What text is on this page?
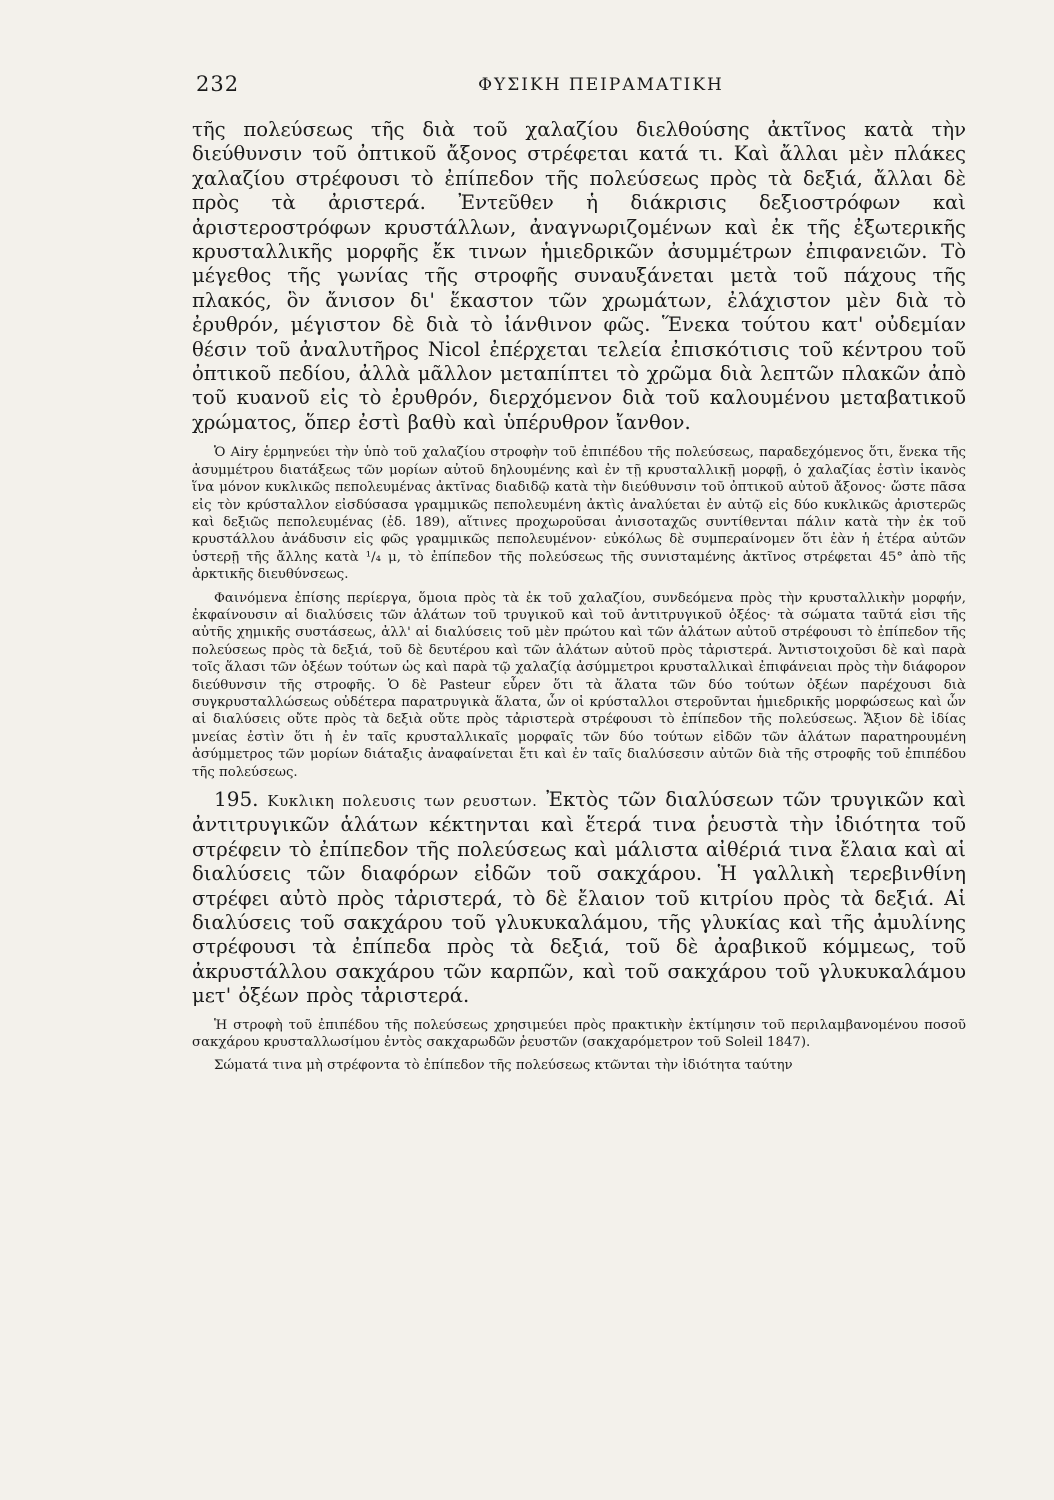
232	ΦΥΣΙΚΗ ΠΕΙΡΑΜΑΤΙΚΗ

τῆς πολεύσεως τῆς διὰ τοῦ χαλαζίου διελθούσης ἀκτῖνος κατὰ τὴν διεύθυνσιν τοῦ ὀπτικοῦ ἄξονος στρέφεται κατά τι. Καὶ ἄλλαι μὲν πλάκες χαλαζίου στρέφουσι τὸ ἐπίπεδον τῆς πολεύσεως πρὸς τὰ δεξιά, ἄλλαι δὲ πρὸς τὰ ἀριστερά. Ἐντεῦθεν ἡ διάκρισις δεξιοστρόφων καὶ ἀριστεροστρόφων κρυστάλλων, ἀναγνωριζομένων καὶ ἐκ τῆς ἐξωτερικῆς κρυσταλλικῆς μορφῆς ἔκ τινων ἡμιεδρικῶν ἀσυμμέτρων ἐπιφανειῶν. Τὸ μέγεθος τῆς γωνίας τῆς στροφῆς συναυξάνεται μετὰ τοῦ πάχους τῆς πλακός, ὃν ἄνισον δι' ἕκαστον τῶν χρωμάτων, ἐλάχιστον μὲν διὰ τὸ ἐρυθρόν, μέγιστον δὲ διὰ τὸ ἰάνθινον φῶς. Ἕνεκα τούτου κατ' οὐδεμίαν θέσιν τοῦ ἀναλυτῆρος Nicol ἐπέρχεται τελεία ἐπισκότισις τοῦ κέντρου τοῦ ὀπτικοῦ πεδίου, ἀλλὰ μᾶλλον μεταπίπτει τὸ χρῶμα διὰ λεπτῶν πλακῶν ἀπὸ τοῦ κυανοῦ εἰς τὸ ἐρυθρόν, διερχόμενον διὰ τοῦ καλουμένου μεταβατικοῦ χρώματος, ὅπερ ἐστὶ βαθὺ καὶ ὑπέρυθρον ἴανθον.

Ὁ Airy ἑρμηνεύει τὴν ὑπὸ τοῦ χαλαζίου στροφὴν τοῦ ἐπιπέδου τῆς πολεύσεως, παραδεχόμενος ὅτι, ἕνεκα τῆς ἀσυμμέτρου διατάξεως τῶν μορίων αὐτοῦ δηλουμένης καὶ ἐν τῇ κρυσταλλικῇ μορφῇ, ὁ χαλαζίας ἐστὶν ἱκανὸς ἵνα μόνον κυκλικῶς πεπολευμένας ἀκτῖνας διαδιδῷ κατὰ τὴν διεύθυνσιν τοῦ ὀπτικοῦ αὐτοῦ ἄξονος· ὥστε πᾶσα εἰς τὸν κρύσταλλον εἰσδύσασα γραμμικῶς πεπολευμένη ἀκτὶς ἀναλύεται ἐν αὐτῷ εἰς δύο κυκλικῶς ἀριστερῶς καὶ δεξιῶς πεπολευμένας (ἐδ. 189), αἵτινες προχωροῦσαι ἀνισοταχῶς συντίθενται πάλιν κατὰ τὴν ἐκ τοῦ κρυστάλλου ἀνάδυσιν εἰς φῶς γραμμικῶς πεπολευμένον· εὐκόλως δὲ συμπεραίνομεν ὅτι ἐὰν ἡ ἑτέρα αὐτῶν ὑστερῇ τῆς ἄλλης κατὰ ¹/₄ μ, τὸ ἐπίπεδον τῆς πολεύσεως τῆς συνισταμένης ἀκτῖνος στρέφεται 45° ἀπὸ τῆς ἀρκτικῆς διευθύνσεως.

Φαινόμενα ἐπίσης περίεργα, ὅμοια πρὸς τὰ ἐκ τοῦ χαλαζίου, συνδεόμενα πρὸς τὴν κρυσταλλικὴν μορφήν, ἐκφαίνουσιν αἱ διαλύσεις τῶν ἁλάτων τοῦ τρυγικοῦ καὶ τοῦ ἀντιτρυγικοῦ ὀξέος· τὰ σώματα ταῦτά εἰσι τῆς αὐτῆς χημικῆς συστάσεως, ἀλλ' αἱ διαλύσεις τοῦ μὲν πρώτου καὶ τῶν ἁλάτων αὐτοῦ στρέφουσι τὸ ἐπίπεδον τῆς πολεύσεως πρὸς τὰ δεξιά, τοῦ δὲ δευτέρου καὶ τῶν ἁλάτων αὐτοῦ πρὸς τἀριστερά. Ἀντιστοιχοῦσι δὲ καὶ παρὰ τοῖς ἅλασι τῶν ὀξέων τούτων ὡς καὶ παρὰ τῷ χαλαζίᾳ ἀσύμμετροι κρυσταλλικαὶ ἐπιφάνειαι πρὸς τὴν διάφορον διεύθυνσιν τῆς στροφῆς. Ὁ δὲ Pasteur εὗρεν ὅτι τὰ ἅλατα τῶν δύο τούτων ὀξέων παρέχουσι διὰ συγκρυσταλλώσεως οὐδέτερα παρατρυγικὰ ἅλατα, ὧν οἱ κρύσταλλοι στεροῦνται ἡμιεδρικῆς μορφώσεως καὶ ὧν αἱ διαλύσεις οὔτε πρὸς τὰ δεξιὰ οὔτε πρὸς τἀριστερὰ στρέφουσι τὸ ἐπίπεδον τῆς πολεύσεως. Ἄξιον δὲ ἰδίας μνείας ἐστὶν ὅτι ἡ ἐν ταῖς κρυσταλλικαῖς μορφαῖς τῶν δύο τούτων εἰδῶν τῶν ἁλάτων παρατηρουμένη ἀσύμμετρος τῶν μορίων διάταξις ἀναφαίνεται ἔτι καὶ ἐν ταῖς διαλύσεσιν αὐτῶν διὰ τῆς στροφῆς τοῦ ἐπιπέδου τῆς πολεύσεως.

195. Κυκλικη πολευσις των ρευστων. Ἐκτὸς τῶν διαλύσεων τῶν τρυγικῶν καὶ ἀντιτρυγικῶν ἁλάτων κέκτηνται καὶ ἕτερά τινα ῥευστὰ τὴν ἰδιότητα τοῦ στρέφειν τὸ ἐπίπεδον τῆς πολεύσεως καὶ μάλιστα αἰθέριά τινα ἔλαια καὶ αἱ διαλύσεις τῶν διαφόρων εἰδῶν τοῦ σακχάρου. Ἡ γαλλικὴ τερεβινθίνη στρέφει αὐτὸ πρὸς τἀριστερά, τὸ δὲ ἔλαιον τοῦ κιτρίου πρὸς τὰ δεξιά. Αἱ διαλύσεις τοῦ σακχάρου τοῦ γλυκυκαλάμου, τῆς γλυκίας καὶ τῆς ἀμυλίνης στρέφουσι τὰ ἐπίπεδα πρὸς τὰ δεξιά, τοῦ δὲ ἀραβικοῦ κόμμεως, τοῦ ἀκρυστάλλου σακχάρου τῶν καρπῶν, καὶ τοῦ σακχάρου τοῦ γλυκυκαλάμου μετ' ὀξέων πρὸς τἀριστερά.

Ἡ στροφὴ τοῦ ἐπιπέδου τῆς πολεύσεως χρησιμεύει πρὸς πρακτικὴν ἐκτίμησιν τοῦ περιλαμβανομένου ποσοῦ σακχάρου κρυσταλλωσίμου ἐντὸς σακχαρωδῶν ῥευστῶν (σακχαρόμετρον τοῦ Soleil 1847).

Σώματά τινα μὴ στρέφοντα τὸ ἐπίπεδον τῆς πολεύσεως κτῶνται τὴν ἰδιότητα ταύτην
